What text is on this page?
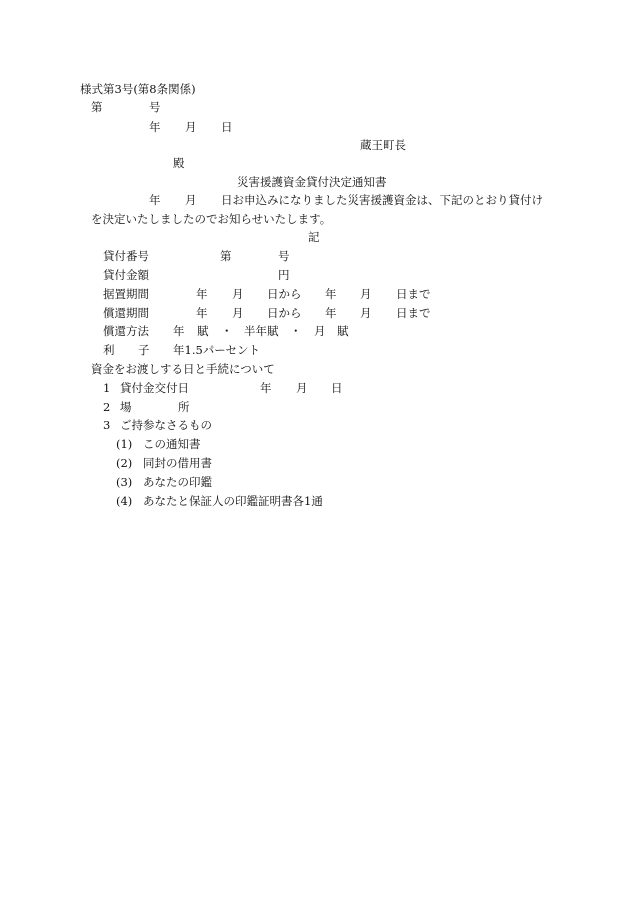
様式第3号(第8条関係)
第	号
年 月 日
蔵王町長
殿
災害援護資金貸付決定通知書
年 月 日お申込みになりました災害援護資金は、下記のとおり貸付け
を決定いたしましたのでお知らせいたします。
記
貸付番号	第	号
貸付金額	円
据置期間	年 月 日から 年 月 日まで
償還期間	年 月 日から 年 月 日まで
償還方法 年 賦 ・ 半年賦 ・ 月 賦
利 子 年1.5パーセント
資金をお渡しする日と手続について
1 貸付金交付日	年 月 日
2 場	所
3 ご持参なさるもの
(1) この通知書
(2) 同封の借用書
(3) あなたの印鑑
(4) あなたと保証人の印鑑証明書各1通
